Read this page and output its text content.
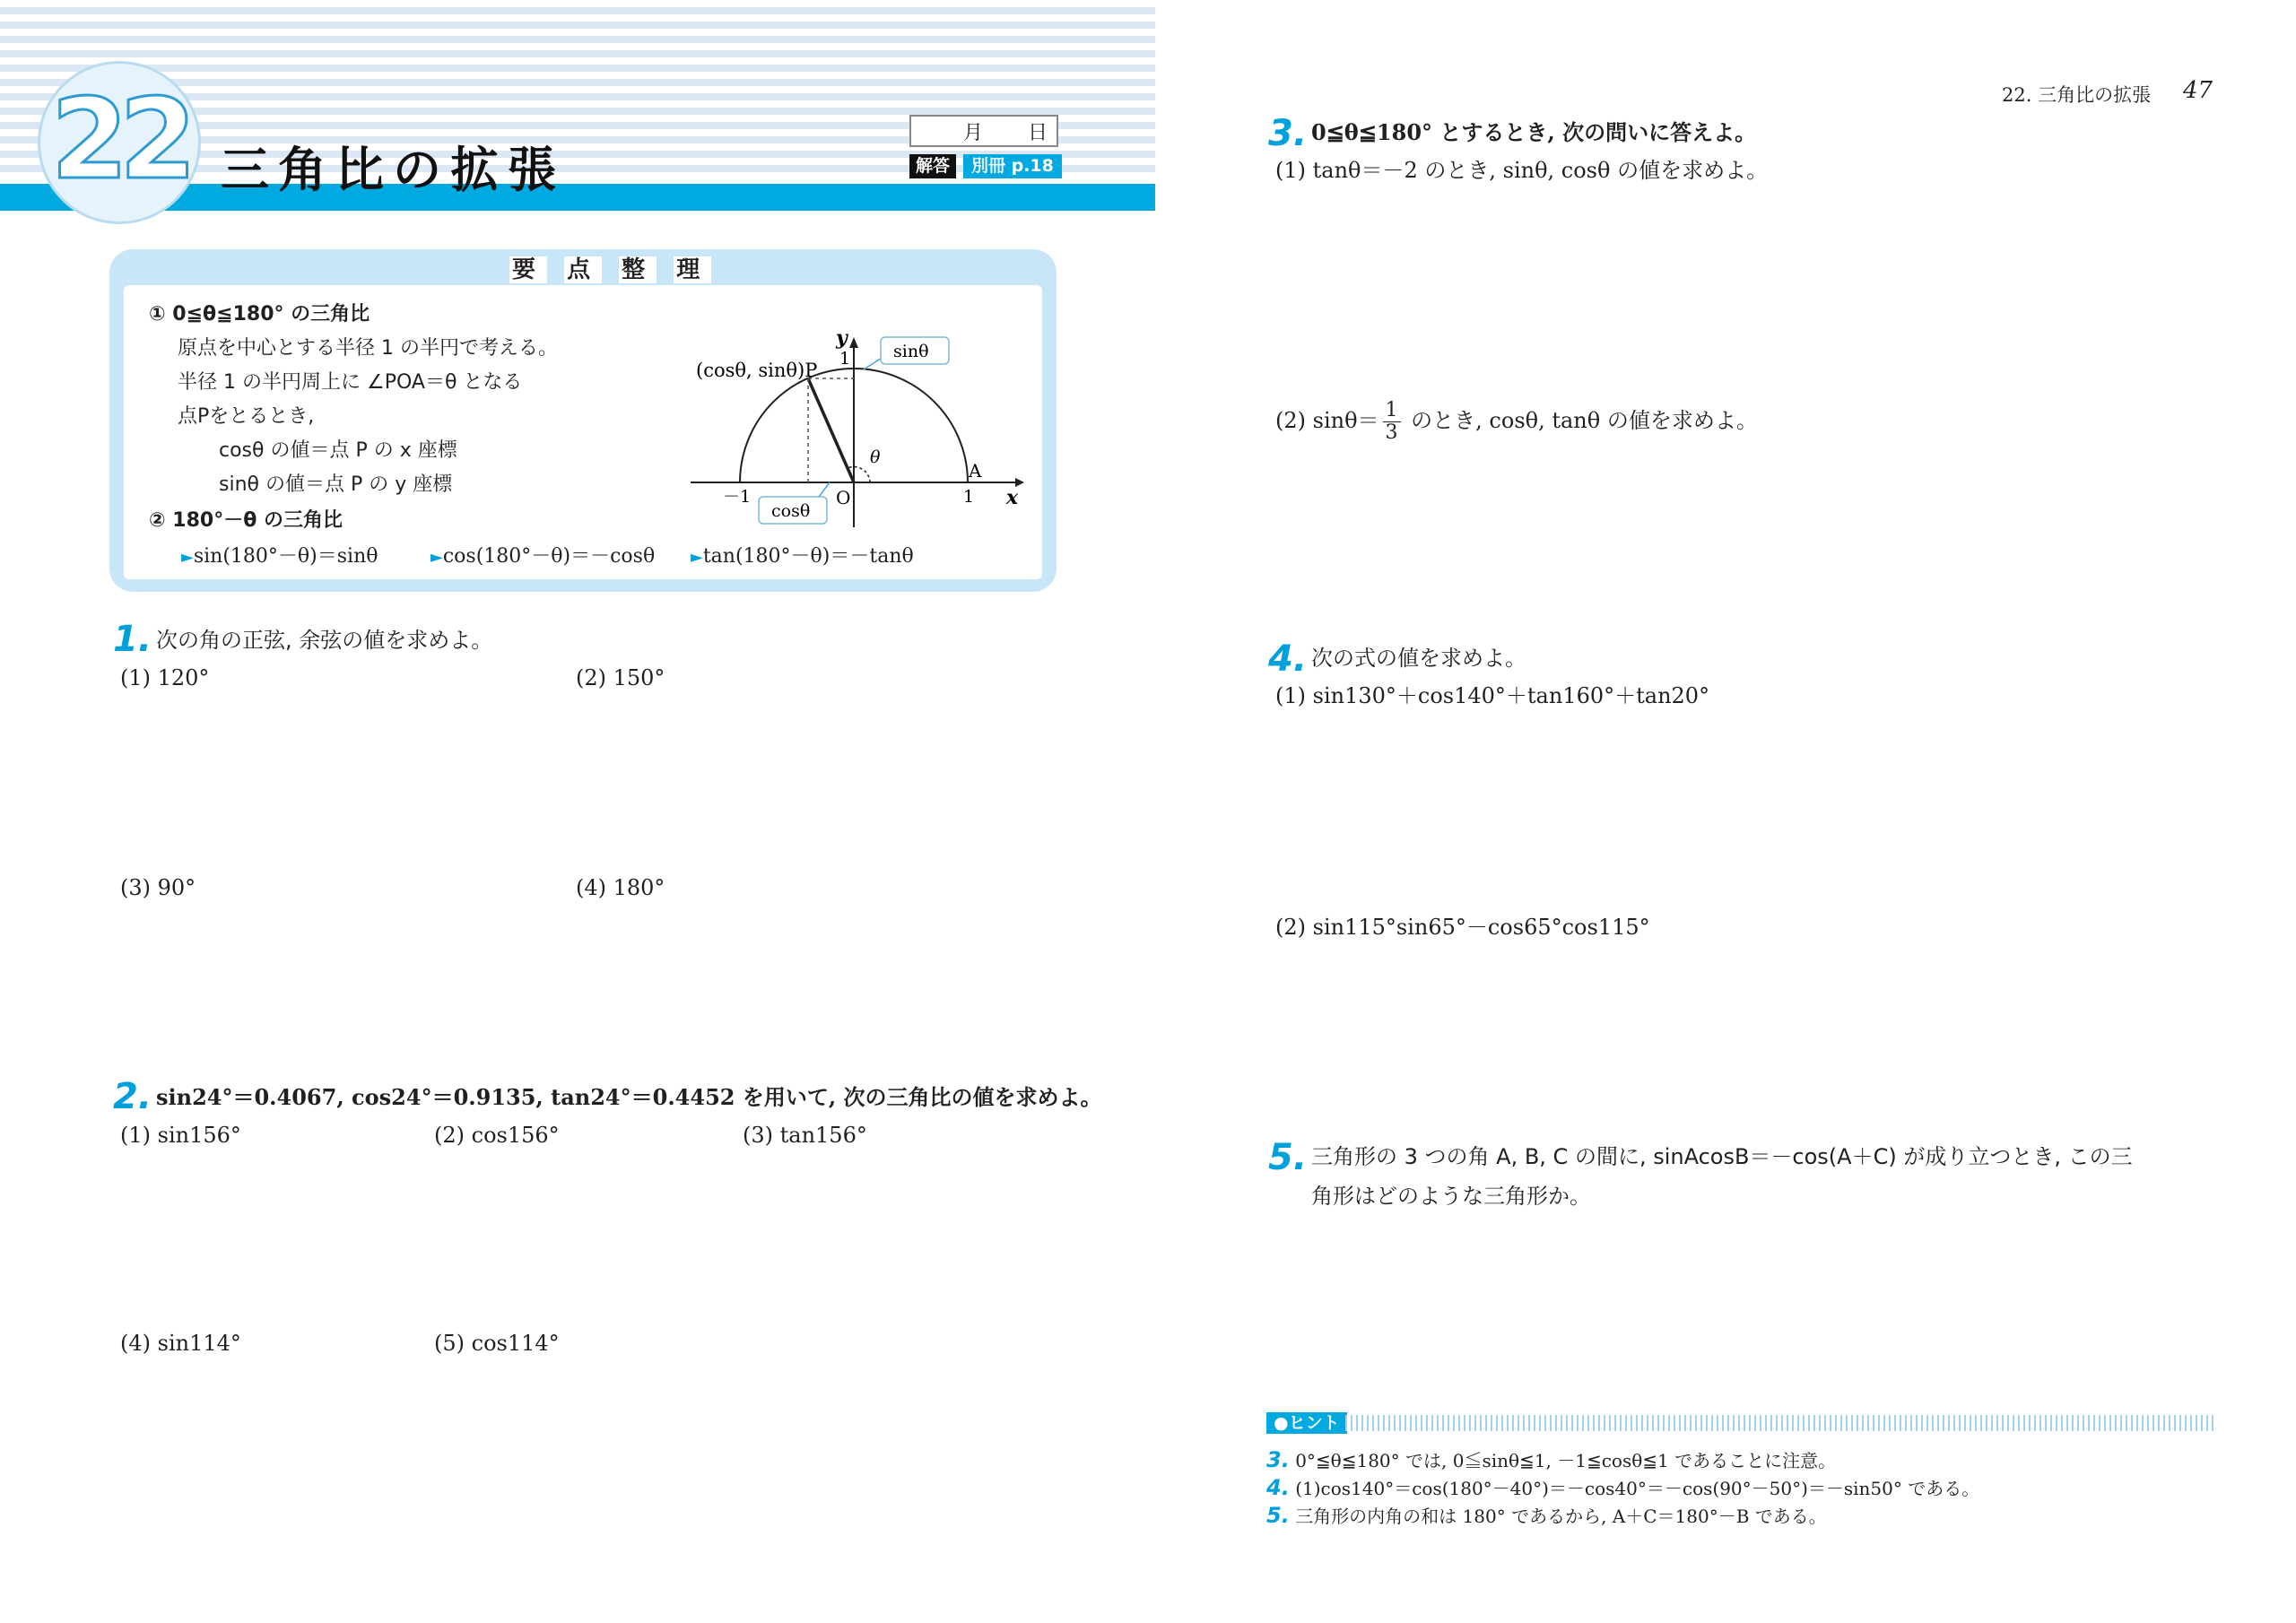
22 三角比の拡張
月 日
解答	別冊 p.18
要 点 整 理
① 0≦θ≦180° の三角比
原点を中心とする半径 1 の半円で考える。
半径 1 の半円周上に ∠POA＝θ となる
点Pをとるとき,
cosθ の値＝点 P の x 座標
sinθ の値＝点 P の y 座標
② 180°－θ の三角比
►sin(180°－θ)＝sinθ	►cos(180°－θ)＝－cosθ ►tan(180°－θ)＝－tanθ
(cosθ, sinθ)P
y
x
1
1
－1	O
A
θ
sinθ
cosθ
1. 次の角の正弦, 余弦の値を求めよ。
(1) 120°	(2) 150°
(3) 90°	(4) 180°
2. sin24°＝0.4067, cos24°＝0.9135, tan24°＝0.4452 を用いて, 次の三角比の値を求めよ。
(1) sin156°	(2) cos156°	(3) tan156°
(4) sin114°	(5) cos114°
22. 三角比の拡張 47
3. 0≦θ≦180° とするとき, 次の問いに答えよ。
(1) tanθ＝－2 のとき, sinθ, cosθ の値を求めよ。
(2) $\sin\theta= \frac{1}{3}$ のとき, cosθ, tanθ の値を求めよ。
4. 次の式の値を求めよ。
(1) sin130°＋cos140°＋tan160°＋tan20°
(2) sin115°sin65°－cos65°cos115°
5. 三角形の 3 つの角 A, B, C の間に, sinAcosB＝－cos(A＋C) が成り立つとき, この三
角形はどのような三角形か。
●ヒント
3. 0°≦θ≦180° では, 0≦sinθ≦1, －1≦cosθ≦1 であることに注意。
4. (1)cos140°＝cos(180°－40°)＝－cos40°＝－cos(90°－50°)＝－sin50° である。
5. 三角形の内角の和は 180° であるから, A＋C＝180°－B である。
